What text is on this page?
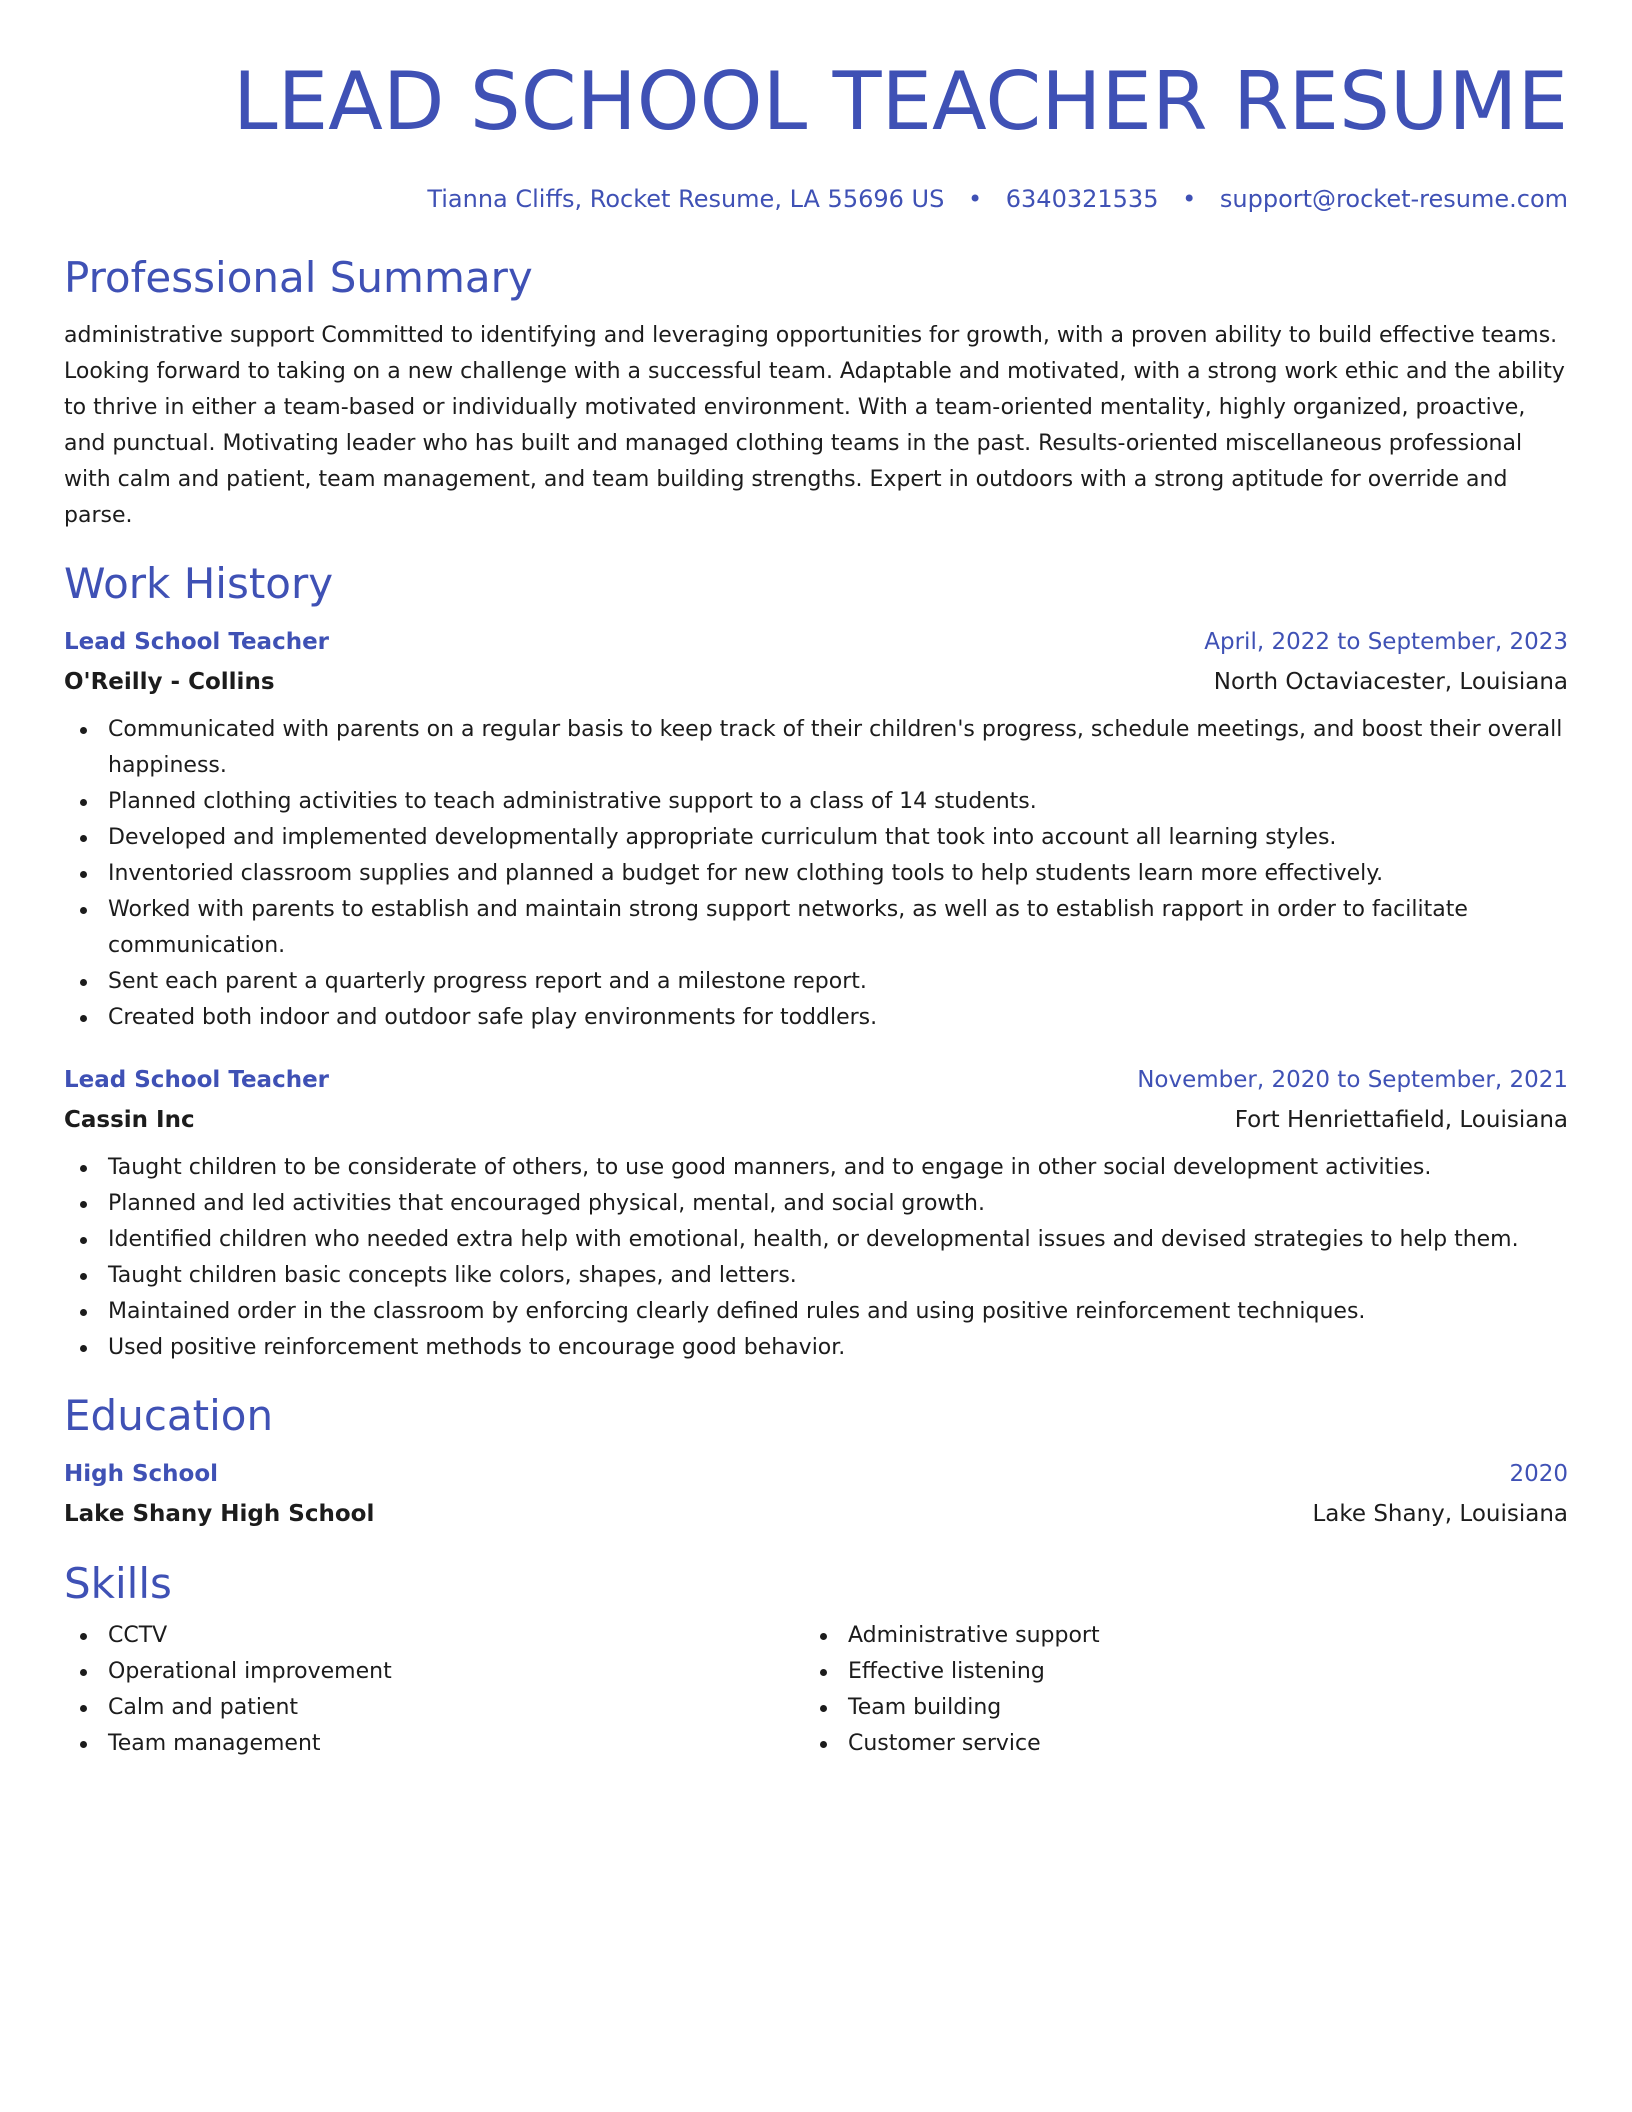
LEAD SCHOOL TEACHER RESUME
Tianna Cliffs, Rocket Resume, LA 55696 US • 6340321535 • support@rocket-resume.com
Professional Summary

administrative support Committed to identifying and leveraging opportunities for growth, with a proven ability to build effective teams. Looking forward to taking on a new challenge with a successful team. Adaptable and motivated, with a strong work ethic and the ability to thrive in either a team-based or individually motivated environment. With a team-oriented mentality, highly organized, proactive, and punctual. Motivating leader who has built and managed clothing teams in the past. Results-oriented miscellaneous professional with calm and patient, team management, and team building strengths. Expert in outdoors with a strong aptitude for override and parse.

Work History
Lead School Teacher	April, 2022 to September, 2023
O'Reilly - Collins	North Octaviacester, Louisiana
Communicated with parents on a regular basis to keep track of their children's progress, schedule meetings, and boost their overall happiness.
Planned clothing activities to teach administrative support to a class of 14 students.
Developed and implemented developmentally appropriate curriculum that took into account all learning styles.
Inventoried classroom supplies and planned a budget for new clothing tools to help students learn more effectively.
Worked with parents to establish and maintain strong support networks, as well as to establish rapport in order to facilitate communication.
Sent each parent a quarterly progress report and a milestone report.
Created both indoor and outdoor safe play environments for toddlers.
Lead School Teacher	November, 2020 to September, 2021
Cassin Inc	Fort Henriettafield, Louisiana
Taught children to be considerate of others, to use good manners, and to engage in other social development activities.
Planned and led activities that encouraged physical, mental, and social growth.
Identified children who needed extra help with emotional, health, or developmental issues and devised strategies to help them.
Taught children basic concepts like colors, shapes, and letters.
Maintained order in the classroom by enforcing clearly defined rules and using positive reinforcement techniques.
Used positive reinforcement methods to encourage good behavior.
Education
High School	2020
Lake Shany High School	Lake Shany, Louisiana
Skills
CCTV
Operational improvement
Calm and patient
Team management
Administrative support
Effective listening
Team building
Customer service
